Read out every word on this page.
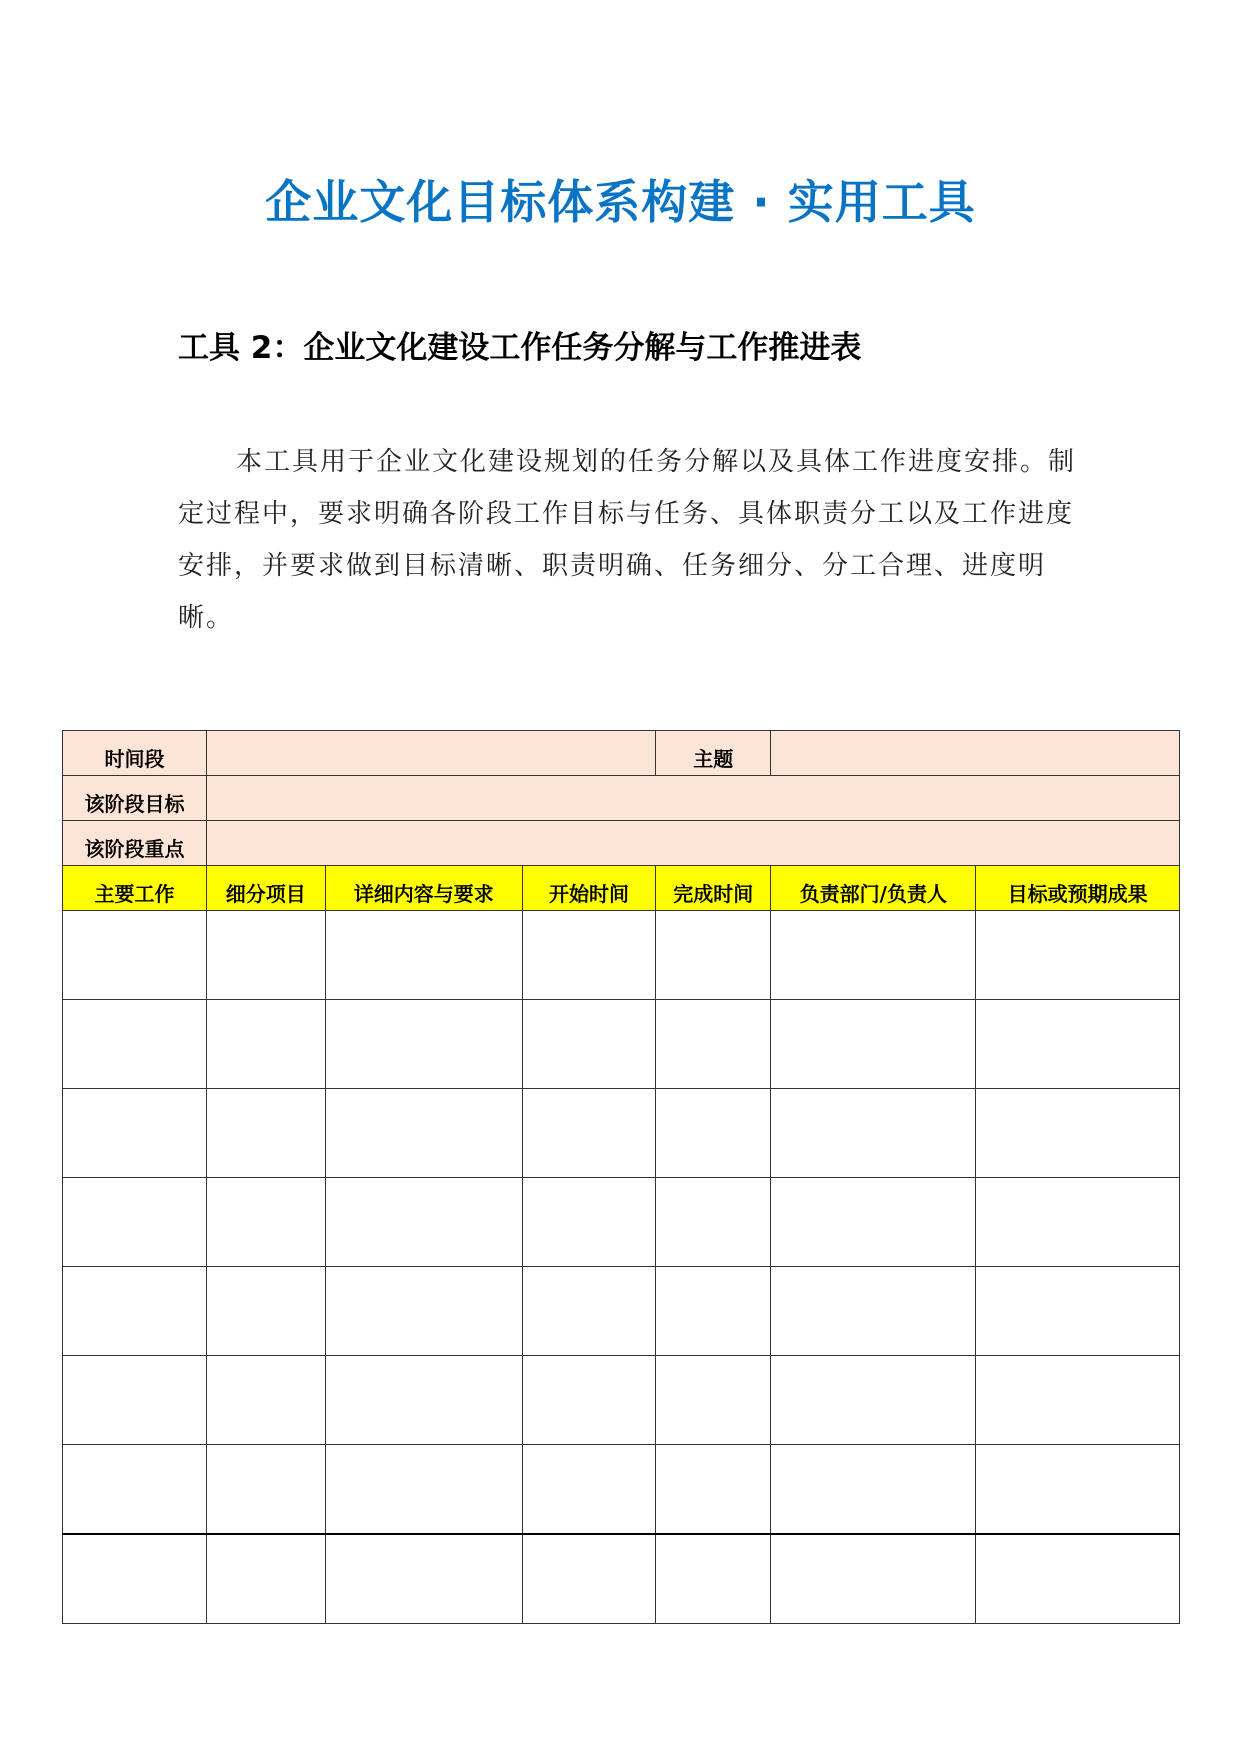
企业文化目标体系构建 · 实用工具
工具 2：企业文化建设工作任务分解与工作推进表

本工具用于企业文化建设规划的任务分解以及具体工作进度安排。制定过程中，要求明确各阶段工作目标与任务、具体职责分工以及工作进度安排，并要求做到目标清晰、职责明确、任务细分、分工合理、进度明晰。

时间段				主题		
该阶段目标						
该阶段重点						
主要工作	细分项目	详细内容与要求	开始时间	完成时间	负责部门/负责人	目标或预期成果
